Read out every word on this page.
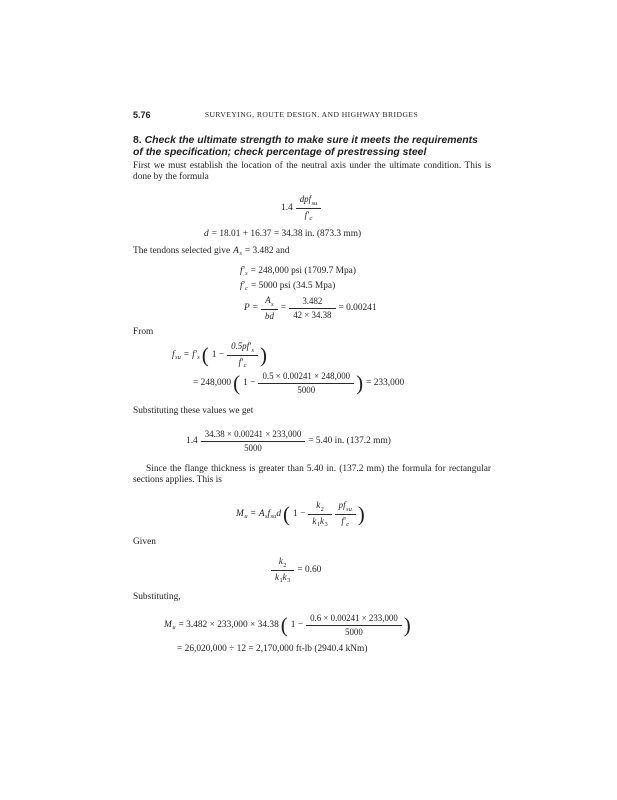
5.76	SURVEYING, ROUTE DESIGN, AND HIGHWAY BRIDGES
8. Check the ultimate strength to make sure it meets the requirements of the specification; check percentage of prestressing steel
First we must establish the location of the neutral axis under the ultimate condition. This is done by the formula
$1.4 \frac{dpf_{su}}{f'_c}$
d = 18.01 + 16.37 = 34.38 in. (873.3 mm)
The tendons selected give A s = 3.482 and
f′ s = 248,000 psi (1709.7 Mpa)
f′ c = 5000 psi (34.5 Mpa)
$P = \frac{A_s}{bd} = \frac{3.482}{42 \times 34.38} = 0.00241$
From
f su = f′ s ( $1 - \frac{0.5pf'_s}{f'_c}$ )
= 248,000 ( $1 - \frac{0.5 \times 0.00241 \times 248,000}{5000}$ ) = 233,000
Substituting these values we get
$1.4 \frac{34.38 \times 0.00241 \times 233,000}{5000} = 5.40$ in. (137.2 mm)
Since the flange thickness is greater than 5.40 in. (137.2 mm) the formula for rectangular sections applies. This is
M u = A s f su d ( $1 - \frac{k_2}{k_1k_3} \frac{pf_{su}}{f'_c}$ )
Given
$\frac{k_2}{k_1k_3} = 0.60$
Substituting,
M u = 3.482 × 233,000 × 34.38 ( $1 - \frac{0.6 \times 0.00241 \times 233,000}{5000}$ )
= 26,020,000 ÷ 12 = 2,170,000 ft-lb (2940.4 kNm)
